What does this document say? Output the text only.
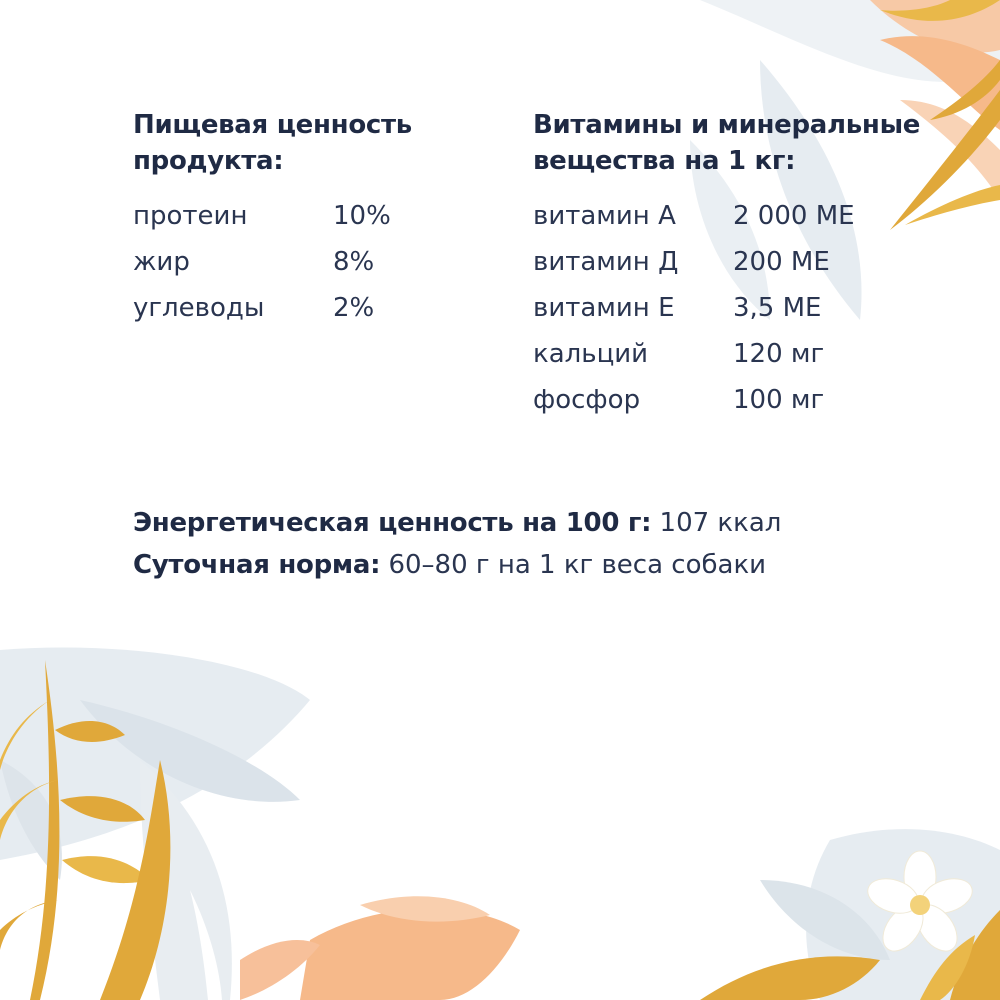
Пищевая ценность
продукта:
протеин	10%
жир	8%
углеводы	2%
Витамины и минеральные
вещества на 1 кг:
витамин А	2 000 МЕ
витамин Д	200 МЕ
витамин Е	3,5 МЕ
кальций	120 мг
фосфор	100 мг
Энергетическая ценность на 100 г: 107 ккал
Суточная норма: 60–80 г на 1 кг веса собаки
